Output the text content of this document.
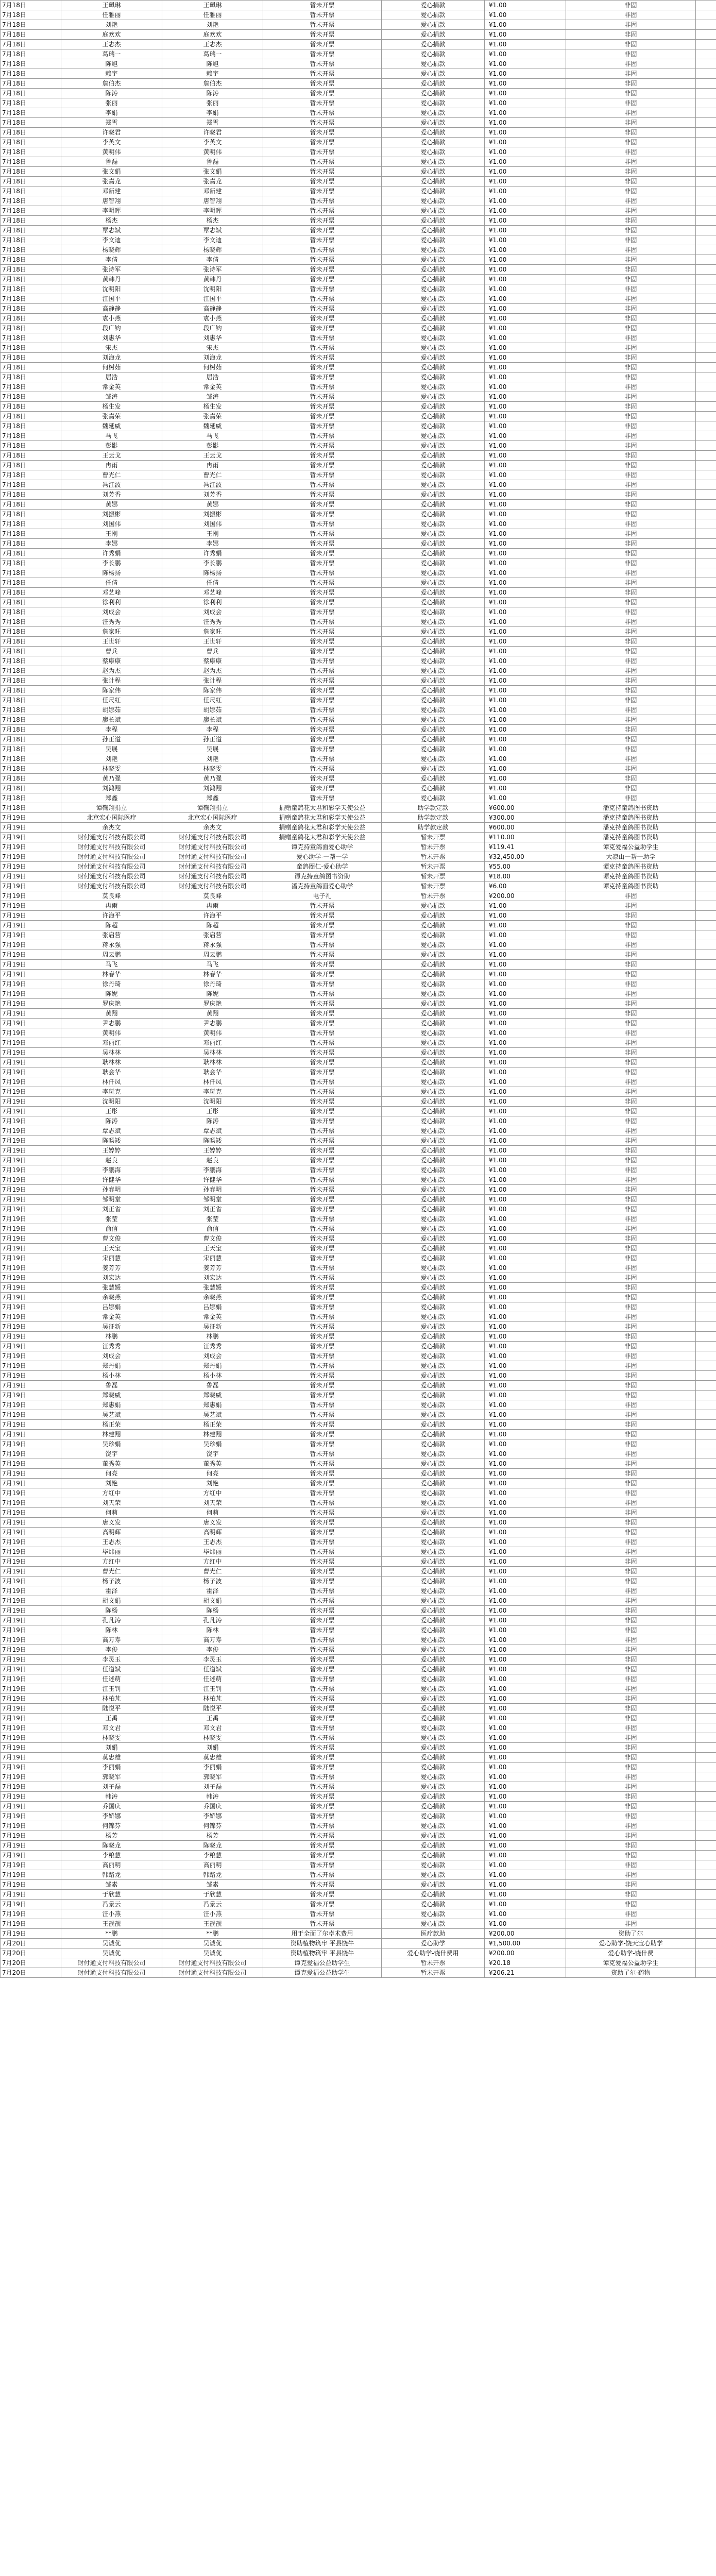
7月18日	王珮琳	王珮琳	暂未开票	爱心捐款	¥1.00	非固	
7月18日	任雅丽	任雅丽	暂未开票	爱心捐款	¥1.00	非固	
7月18日	刘艳	刘艳	暂未开票	爱心捐款	¥1.00	非固	
7月18日	庭欢欢	庭欢欢	暂未开票	爱心捐款	¥1.00	非固	
7月18日	王志杰	王志杰	暂未开票	爱心捐款	¥1.00	非固	
7月18日	葛瑞一	葛瑞一	暂未开票	爱心捐款	¥1.00	非固	
7月18日	陈旭	陈旭	暂未开票	爱心捐款	¥1.00	非固	
7月18日	赖宇	赖宇	暂未开票	爱心捐款	¥1.00	非固	
7月18日	詹伯杰	詹伯杰	暂未开票	爱心捐款	¥1.00	非固	
7月18日	陈涛	陈涛	暂未开票	爱心捐款	¥1.00	非固	
7月18日	张丽	张丽	暂未开票	爱心捐款	¥1.00	非固	
7月18日	李娟	李娟	暂未开票	爱心捐款	¥1.00	非固	
7月18日	郑雪	郑雪	暂未开票	爱心捐款	¥1.00	非固	
7月18日	许晓君	许晓君	暂未开票	爱心捐款	¥1.00	非固	
7月18日	李英文	李英文	暂未开票	爱心捐款	¥1.00	非固	
7月18日	黄明伟	黄明伟	暂未开票	爱心捐款	¥1.00	非固	
7月18日	鲁磊	鲁磊	暂未开票	爱心捐款	¥1.00	非固	
7月18日	张文娟	张文娟	暂未开票	爱心捐款	¥1.00	非固	
7月18日	张嘉龙	张嘉龙	暂未开票	爱心捐款	¥1.00	非固	
7月18日	邓新建	邓新建	暂未开票	爱心捐款	¥1.00	非固	
7月18日	唐智翔	唐智翔	暂未开票	爱心捐款	¥1.00	非固	
7月18日	李明晖	李明晖	暂未开票	爱心捐款	¥1.00	非固	
7月18日	杨杰	杨杰	暂未开票	爱心捐款	¥1.00	非固	
7月18日	覃志斌	覃志斌	暂未开票	爱心捐款	¥1.00	非固	
7月18日	李文迪	李文迪	暂未开票	爱心捐款	¥1.00	非固	
7月18日	杨晓辉	杨晓辉	暂未开票	爱心捐款	¥1.00	非固	
7月18日	李倩	李倩	暂未开票	爱心捐款	¥1.00	非固	
7月18日	张诗军	张诗军	暂未开票	爱心捐款	¥1.00	非固	
7月18日	黄韩丹	黄韩丹	暂未开票	爱心捐款	¥1.00	非固	
7月18日	沈明阳	沈明阳	暂未开票	爱心捐款	¥1.00	非固	
7月18日	江国平	江国平	暂未开票	爱心捐款	¥1.00	非固	
7月18日	高静静	高静静	暂未开票	爱心捐款	¥1.00	非固	
7月18日	袁小燕	袁小燕	暂未开票	爱心捐款	¥1.00	非固	
7月18日	段广钧	段广钧	暂未开票	爱心捐款	¥1.00	非固	
7月18日	刘惠华	刘惠华	暂未开票	爱心捐款	¥1.00	非固	
7月18日	宋杰	宋杰	暂未开票	爱心捐款	¥1.00	非固	
7月18日	刘海龙	刘海龙	暂未开票	爱心捐款	¥1.00	非固	
7月18日	何树茹	何树茹	暂未开票	爱心捐款	¥1.00	非固	
7月18日	居浩	居浩	暂未开票	爱心捐款	¥1.00	非固	
7月18日	常金英	常金英	暂未开票	爱心捐款	¥1.00	非固	
7月18日	邹涛	邹涛	暂未开票	爱心捐款	¥1.00	非固	
7月18日	杨生发	杨生发	暂未开票	爱心捐款	¥1.00	非固	
7月18日	张嘉荣	张嘉荣	暂未开票	爱心捐款	¥1.00	非固	
7月18日	魏延威	魏延威	暂未开票	爱心捐款	¥1.00	非固	
7月18日	马飞	马飞	暂未开票	爱心捐款	¥1.00	非固	
7月18日	彭影	彭影	暂未开票	爱心捐款	¥1.00	非固	
7月18日	王云戈	王云戈	暂未开票	爱心捐款	¥1.00	非固	
7月18日	冉雨	冉雨	暂未开票	爱心捐款	¥1.00	非固	
7月18日	曹光仁	曹光仁	暂未开票	爱心捐款	¥1.00	非固	
7月18日	冯江波	冯江波	暂未开票	爱心捐款	¥1.00	非固	
7月18日	刘芳香	刘芳香	暂未开票	爱心捐款	¥1.00	非固	
7月18日	黄娜	黄娜	暂未开票	爱心捐款	¥1.00	非固	
7月18日	刘振彬	刘振彬	暂未开票	爱心捐款	¥1.00	非固	
7月18日	刘国伟	刘国伟	暂未开票	爱心捐款	¥1.00	非固	
7月18日	王刚	王刚	暂未开票	爱心捐款	¥1.00	非固	
7月18日	李娜	李娜	暂未开票	爱心捐款	¥1.00	非固	
7月18日	许秀娟	许秀娟	暂未开票	爱心捐款	¥1.00	非固	
7月18日	李长鹏	李长鹏	暂未开票	爱心捐款	¥1.00	非固	
7月18日	陈杨扬	陈杨扬	暂未开票	爱心捐款	¥1.00	非固	
7月18日	任倩	任倩	暂未开票	爱心捐款	¥1.00	非固	
7月18日	邓艺峰	邓艺峰	暂未开票	爱心捐款	¥1.00	非固	
7月18日	徐利利	徐利利	暂未开票	爱心捐款	¥1.00	非固	
7月18日	刘成会	刘成会	暂未开票	爱心捐款	¥1.00	非固	
7月18日	汪秀秀	汪秀秀	暂未开票	爱心捐款	¥1.00	非固	
7月18日	詹家旺	詹家旺	暂未开票	爱心捐款	¥1.00	非固	
7月18日	王世轩	王世轩	暂未开票	爱心捐款	¥1.00	非固	
7月18日	曹兵	曹兵	暂未开票	爱心捐款	¥1.00	非固	
7月18日	蔡康康	蔡康康	暂未开票	爱心捐款	¥1.00	非固	
7月18日	赵为杰	赵为杰	暂未开票	爱心捐款	¥1.00	非固	
7月18日	张计程	张计程	暂未开票	爱心捐款	¥1.00	非固	
7月18日	陈家伟	陈家伟	暂未开票	爱心捐款	¥1.00	非固	
7月18日	任尺红	任尺红	暂未开票	爱心捐款	¥1.00	非固	
7月18日	胡娜茹	胡娜茹	暂未开票	爱心捐款	¥1.00	非固	
7月18日	廖长斌	廖长斌	暂未开票	爱心捐款	¥1.00	非固	
7月18日	李程	李程	暂未开票	爱心捐款	¥1.00	非固	
7月18日	孙正道	孙正道	暂未开票	爱心捐款	¥1.00	非固	
7月18日	吴展	吴展	暂未开票	爱心捐款	¥1.00	非固	
7月18日	刘艳	刘艳	暂未开票	爱心捐款	¥1.00	非固	
7月18日	林晓雯	林晓雯	暂未开票	爱心捐款	¥1.00	非固	
7月18日	黄乃强	黄乃强	暂未开票	爱心捐款	¥1.00	非固	
7月18日	刘鸿翔	刘鸿翔	暂未开票	爱心捐款	¥1.00	非固	
7月18日	郑鑫	郑鑫	暂未开票	爱心捐款	¥1.00	非固	
7月18日	谭鞠翔捐立	谭鞠翔捐立	捐赠童鸽花太君和彩学天使公益	助学款定款	¥600.00	潘克持童鸽图书资助	
7月19日	北京宏心国际医疗	北京宏心国际医疗	捐赠童鸽花太君和彩学天使公益	助学款定款	¥300.00	潘克持童鸽图书资助	
7月19日	余杰文	余杰文	捐赠童鸽花太君和彩学天使公益	助学款定款	¥600.00	潘克持童鸽图书资助	
7月19日	财付通支付科技有限公司	财付通支付科技有限公司	捐赠童鸽花太君和彩学天使公益	暂未开票	¥110.00	潘克持童鸽图书资助	
7月19日	财付通支付科技有限公司	财付通支付科技有限公司	谭克持童鸽面爱心助学	暂未开票	¥119.41	谭克爱福公益助学生	
7月19日	财付通支付科技有限公司	财付通支付科技有限公司	爱心助学-一帮一学	暂未开票	¥32,450.00	大凉山一帮一助学	
7月19日	财付通支付科技有限公司	财付通支付科技有限公司	童鸽圈仁-爱心助学	暂未开票	¥55.00	谭克持童鸽图书资助	
7月19日	财付通支付科技有限公司	财付通支付科技有限公司	谭克持童鸽图书资助	暂未开票	¥18.00	谭克持童鸽图书资助	
7月19日	财付通支付科技有限公司	财付通支付科技有限公司	潘克持童鸽面爱心助学	暂未开票	¥6.00	谭克持童鸽图书资助	
7月19日	莫良峰	莫良峰	电子礼	暂未开票	¥200.00	非固	
7月19日	冉雨	冉雨	暂未开票	爱心捐款	¥1.00	非固	
7月19日	许海平	许海平	暂未开票	爱心捐款	¥1.00	非固	
7月19日	陈超	陈超	暂未开票	爱心捐款	¥1.00	非固	
7月19日	张启营	张启营	暂未开票	爱心捐款	¥1.00	非固	
7月19日	蒋永强	蒋永强	暂未开票	爱心捐款	¥1.00	非固	
7月19日	周云鹏	周云鹏	暂未开票	爱心捐款	¥1.00	非固	
7月19日	马飞	马飞	暂未开票	爱心捐款	¥1.00	非固	
7月19日	林春华	林春华	暂未开票	爱心捐款	¥1.00	非固	
7月19日	徐丹琦	徐丹琦	暂未开票	爱心捐款	¥1.00	非固	
7月19日	陈妮	陈妮	暂未开票	爱心捐款	¥1.00	非固	
7月19日	罗庆艳	罗庆艳	暂未开票	爱心捐款	¥1.00	非固	
7月19日	黄翔	黄翔	暂未开票	爱心捐款	¥1.00	非固	
7月19日	尹志鹏	尹志鹏	暂未开票	爱心捐款	¥1.00	非固	
7月19日	黄明伟	黄明伟	暂未开票	爱心捐款	¥1.00	非固	
7月19日	邓丽红	邓丽红	暂未开票	爱心捐款	¥1.00	非固	
7月19日	吴林林	吴林林	暂未开票	爱心捐款	¥1.00	非固	
7月19日	耿林林	耿林林	暂未开票	爱心捐款	¥1.00	非固	
7月19日	耿会华	耿会华	暂未开票	爱心捐款	¥1.00	非固	
7月19日	林仟凤	林仟凤	暂未开票	爱心捐款	¥1.00	非固	
7月19日	李玩克	李玩克	暂未开票	爱心捐款	¥1.00	非固	
7月19日	沈明阳	沈明阳	暂未开票	爱心捐款	¥1.00	非固	
7月19日	王彤	王彤	暂未开票	爱心捐款	¥1.00	非固	
7月19日	陈涛	陈涛	暂未开票	爱心捐款	¥1.00	非固	
7月19日	覃志斌	覃志斌	暂未开票	爱心捐款	¥1.00	非固	
7月19日	陈旸矮	陈旸矮	暂未开票	爱心捐款	¥1.00	非固	
7月19日	王婷婷	王婷婷	暂未开票	爱心捐款	¥1.00	非固	
7月19日	赵良	赵良	暂未开票	爱心捐款	¥1.00	非固	
7月19日	李鹏海	李鹏海	暂未开票	爱心捐款	¥1.00	非固	
7月19日	许健华	许健华	暂未开票	爱心捐款	¥1.00	非固	
7月19日	孙春明	孙春明	暂未开票	爱心捐款	¥1.00	非固	
7月19日	邹明堂	邹明堂	暂未开票	爱心捐款	¥1.00	非固	
7月19日	刘正省	刘正省	暂未开票	爱心捐款	¥1.00	非固	
7月19日	张莹	张莹	暂未开票	爱心捐款	¥1.00	非固	
7月19日	俞信	俞信	暂未开票	爱心捐款	¥1.00	非固	
7月19日	曹文俊	曹文俊	暂未开票	爱心捐款	¥1.00	非固	
7月19日	王天宝	王天宝	暂未开票	爱心捐款	¥1.00	非固	
7月19日	宋丽慧	宋丽慧	暂未开票	爱心捐款	¥1.00	非固	
7月19日	姜芳芳	姜芳芳	暂未开票	爱心捐款	¥1.00	非固	
7月19日	刘宏达	刘宏达	暂未开票	爱心捐款	¥1.00	非固	
7月19日	张慧媛	张慧媛	暂未开票	爱心捐款	¥1.00	非固	
7月19日	余晓燕	余晓燕	暂未开票	爱心捐款	¥1.00	非固	
7月19日	吕娜娟	吕娜娟	暂未开票	爱心捐款	¥1.00	非固	
7月19日	常金英	常金英	暂未开票	爱心捐款	¥1.00	非固	
7月19日	吴征新	吴征新	暂未开票	爱心捐款	¥1.00	非固	
7月19日	林鹏	林鹏	暂未开票	爱心捐款	¥1.00	非固	
7月19日	汪秀秀	汪秀秀	暂未开票	爱心捐款	¥1.00	非固	
7月19日	刘成会	刘成会	暂未开票	爱心捐款	¥1.00	非固	
7月19日	郑丹娟	郑丹娟	暂未开票	爱心捐款	¥1.00	非固	
7月19日	杨小林	杨小林	暂未开票	爱心捐款	¥1.00	非固	
7月19日	鲁磊	鲁磊	暂未开票	爱心捐款	¥1.00	非固	
7月19日	郑晓威	郑晓威	暂未开票	爱心捐款	¥1.00	非固	
7月19日	郑惠娟	郑惠娟	暂未开票	爱心捐款	¥1.00	非固	
7月19日	吴艺斌	吴艺斌	暂未开票	爱心捐款	¥1.00	非固	
7月19日	杨正荣	杨正荣	暂未开票	爱心捐款	¥1.00	非固	
7月19日	林建翔	林建翔	暂未开票	爱心捐款	¥1.00	非固	
7月19日	吴珍娟	吴珍娟	暂未开票	爱心捐款	¥1.00	非固	
7月19日	饶宇	饶宇	暂未开票	爱心捐款	¥1.00	非固	
7月19日	董秀英	董秀英	暂未开票	爱心捐款	¥1.00	非固	
7月19日	何亮	何亮	暂未开票	爱心捐款	¥1.00	非固	
7月19日	刘艳	刘艳	暂未开票	爱心捐款	¥1.00	非固	
7月19日	方红中	方红中	暂未开票	爱心捐款	¥1.00	非固	
7月19日	刘天荣	刘天荣	暂未开票	爱心捐款	¥1.00	非固	
7月19日	何莉	何莉	暂未开票	爱心捐款	¥1.00	非固	
7月19日	唐义发	唐义发	暂未开票	爱心捐款	¥1.00	非固	
7月19日	高明辉	高明辉	暂未开票	爱心捐款	¥1.00	非固	
7月19日	王志杰	王志杰	暂未开票	爱心捐款	¥1.00	非固	
7月19日	毕炜丽	毕炜丽	暂未开票	爱心捐款	¥1.00	非固	
7月19日	方红中	方红中	暂未开票	爱心捐款	¥1.00	非固	
7月19日	曹光仁	曹光仁	暂未开票	爱心捐款	¥1.00	非固	
7月19日	杨子波	杨子波	暂未开票	爱心捐款	¥1.00	非固	
7月19日	霍泽	霍泽	暂未开票	爱心捐款	¥1.00	非固	
7月19日	胡文娟	胡文娟	暂未开票	爱心捐款	¥1.00	非固	
7月19日	陈杨	陈杨	暂未开票	爱心捐款	¥1.00	非固	
7月19日	孔凡涛	孔凡涛	暂未开票	爱心捐款	¥1.00	非固	
7月19日	陈林	陈林	暂未开票	爱心捐款	¥1.00	非固	
7月19日	高万寿	高万寿	暂未开票	爱心捐款	¥1.00	非固	
7月19日	李俊	李俊	暂未开票	爱心捐款	¥1.00	非固	
7月19日	李灵玉	李灵玉	暂未开票	爱心捐款	¥1.00	非固	
7月19日	任道斌	任道斌	暂未开票	爱心捐款	¥1.00	非固	
7月19日	任述萌	任述萌	暂未开票	爱心捐款	¥1.00	非固	
7月19日	江玉钊	江玉钊	暂未开票	爱心捐款	¥1.00	非固	
7月19日	林柏芃	林柏芃	暂未开票	爱心捐款	¥1.00	非固	
7月19日	陆悦平	陆悦平	暂未开票	爱心捐款	¥1.00	非固	
7月19日	王禹	王禹	暂未开票	爱心捐款	¥1.00	非固	
7月19日	邓文君	邓文君	暂未开票	爱心捐款	¥1.00	非固	
7月19日	林晓雯	林晓雯	暂未开票	爱心捐款	¥1.00	非固	
7月19日	刘娟	刘娟	暂未开票	爱心捐款	¥1.00	非固	
7月19日	莫忠雄	莫忠雄	暂未开票	爱心捐款	¥1.00	非固	
7月19日	李丽娟	李丽娟	暂未开票	爱心捐款	¥1.00	非固	
7月19日	郭晓军	郭晓军	暂未开票	爱心捐款	¥1.00	非固	
7月19日	刘子磊	刘子磊	暂未开票	爱心捐款	¥1.00	非固	
7月19日	韩涛	韩涛	暂未开票	爱心捐款	¥1.00	非固	
7月19日	乔国庆	乔国庆	暂未开票	爱心捐款	¥1.00	非固	
7月19日	李娇娜	李娇娜	暂未开票	爱心捐款	¥1.00	非固	
7月19日	何锦芬	何锦芬	暂未开票	爱心捐款	¥1.00	非固	
7月19日	杨芳	杨芳	暂未开票	爱心捐款	¥1.00	非固	
7月19日	陈晓龙	陈晓龙	暂未开票	爱心捐款	¥1.00	非固	
7月19日	李粮慧	李粮慧	暂未开票	爱心捐款	¥1.00	非固	
7月19日	高丽明	高丽明	暂未开票	爱心捐款	¥1.00	非固	
7月19日	韩路龙	韩路龙	暂未开票	爱心捐款	¥1.00	非固	
7月19日	邹素	邹素	暂未开票	爱心捐款	¥1.00	非固	
7月19日	于欣慧	于欣慧	暂未开票	爱心捐款	¥1.00	非固	
7月19日	冯景云	冯景云	暂未开票	爱心捐款	¥1.00	非固	
7月19日	汪小燕	汪小燕	暂未开票	爱心捐款	¥1.00	非固	
7月19日	王靓靓	王靓靓	暂未开票	爱心捐款	¥1.00	非固	
7月19日	**鹏	**鹏	用于全面了尔卓术费用	医疗款助	¥200.00	资助了尔	
7月20日	吴诚优	吴诚优	资助植物筑牢 平县饶牛	爱心助学	¥1,500.00	爱心助学-饶天宝心助学	
7月20日	吴诚优	吴诚优	资助植物筑牢 平县饶牛	爱心助学-饶什费用	¥200.00	爱心助学-饶什费	
7月20日	财付通支付科技有限公司	财付通支付科技有限公司	谭克爱福公益助学生	暂未开票	¥20.18	谭克爱福公益助学生	
7月20日	财付通支付科技有限公司	财付通支付科技有限公司	谭克爱福公益助学生	暂未开票	¥206.21	资助了尔-药物	
